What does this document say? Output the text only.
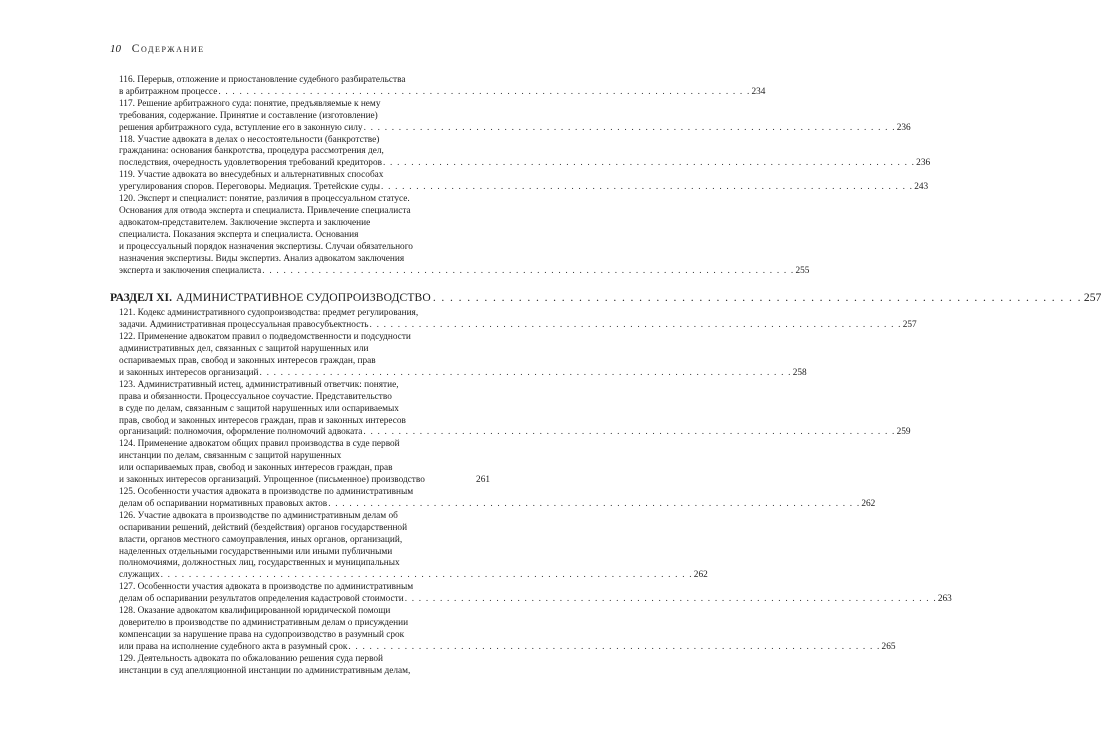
10 Содержание
116. Перерыв, отложение и приостановление судебного разбирательства
в арбитражном процессе . . . . . . . . . . . . . . . . . . . . . . . . . . . . . . . . . . . . . . . . . . . . . . . . . . . . . . . . . . . . . . . . . . . . . . . . . . . . 234
117. Решение арбитражного суда: понятие, предъявляемые к нему
требования, содержание. Принятие и составление (изготовление)
решения арбитражного суда, вступление его в законную силу . . . . . . . . . . . . . . . . . . . . . . . . . . . . . . . . . . . . . . . . . . . . . . . . . . . . . . . . . . . . . . . . . . . . . . . . . . . . 236
118. Участие адвоката в делах о несостоятельности (банкротстве)
гражданина: основания банкротства, процедура рассмотрения дел,
последствия, очередность удовлетворения требований кредиторов . . . . . . . . . . . . . . . . . . . . . . . . . . . . . . . . . . . . . . . . . . . . . . . . . . . . . . . . . . . . . . . . . . . . . . . . . . . . 236
119. Участие адвоката во внесудебных и альтернативных способах
урегулирования споров. Переговоры. Медиация. Третейские суды . . . . . . . . . . . . . . . . . . . . . . . . . . . . . . . . . . . . . . . . . . . . . . . . . . . . . . . . . . . . . . . . . . . . . . . . . . . . 243
120. Эксперт и специалист: понятие, различия в процессуальном статусе.
Основания для отвода эксперта и специалиста. Привлечение специалиста
адвокатом-представителем. Заключение эксперта и заключение
специалиста. Показания эксперта и специалиста. Основания
и процессуальный порядок назначения экспертизы. Случаи обязательного
назначения экспертизы. Виды экспертиз. Анализ адвокатом заключения
эксперта и заключения специалиста . . . . . . . . . . . . . . . . . . . . . . . . . . . . . . . . . . . . . . . . . . . . . . . . . . . . . . . . . . . . . . . . . . . . . . . . . . . . 255
РАЗДЕЛ XI. АДМИНИСТРАТИВНОЕ СУДОПРОИЗВОДСТВО . . . . . . . . . . . . . . . . . . . . . . . . . . . . . . . . . . . . . . . . . . . . . . . . . . . . . . . . . . . . . . . . . . . . . . . . . . . . 257
121. Кодекс административного судопроизводства: предмет регулирования,
задачи. Административная процессуальная правосубъектность . . . . . . . . . . . . . . . . . . . . . . . . . . . . . . . . . . . . . . . . . . . . . . . . . . . . . . . . . . . . . . . . . . . . . . . . . . . . 257
122. Применение адвокатом правил о подведомственности и подсудности
административных дел, связанных с защитой нарушенных или
оспариваемых прав, свобод и законных интересов граждан, прав
и законных интересов организаций . . . . . . . . . . . . . . . . . . . . . . . . . . . . . . . . . . . . . . . . . . . . . . . . . . . . . . . . . . . . . . . . . . . . . . . . . . . . 258
123. Административный истец, административный ответчик: понятие,
права и обязанности. Процессуальное соучастие. Представительство
в суде по делам, связанным с защитой нарушенных или оспариваемых
прав, свобод и законных интересов граждан, прав и законных интересов
организаций: полномочия, оформление полномочий адвоката . . . . . . . . . . . . . . . . . . . . . . . . . . . . . . . . . . . . . . . . . . . . . . . . . . . . . . . . . . . . . . . . . . . . . . . . . . . . 259
124. Применение адвокатом общих правил производства в суде первой
инстанции по делам, связанным с защитой нарушенных
или оспариваемых прав, свобод и законных интересов граждан, прав
и законных интересов организаций. Упрощенное (письменное) производство	261
125. Особенности участия адвоката в производстве по административным
делам об оспаривании нормативных правовых актов . . . . . . . . . . . . . . . . . . . . . . . . . . . . . . . . . . . . . . . . . . . . . . . . . . . . . . . . . . . . . . . . . . . . . . . . . . . . 262
126. Участие адвоката в производстве по административным делам об
оспаривании решений, действий (бездействия) органов государственной
власти, органов местного самоуправления, иных органов, организаций,
наделенных отдельными государственными или иными публичными
полномочиями, должностных лиц, государственных и муниципальных
служащих . . . . . . . . . . . . . . . . . . . . . . . . . . . . . . . . . . . . . . . . . . . . . . . . . . . . . . . . . . . . . . . . . . . . . . . . . . . . 262
127. Особенности участия адвоката в производстве по административным
делам об оспаривании результатов определения кадастровой стоимости . . . . . . . . . . . . . . . . . . . . . . . . . . . . . . . . . . . . . . . . . . . . . . . . . . . . . . . . . . . . . . . . . . . . . . . . . . . . 263
128. Оказание адвокатом квалифицированной юридической помощи
доверителю в производстве по административным делам о присуждении
компенсации за нарушение права на судопроизводство в разумный срок
или права на исполнение судебного акта в разумный срок . . . . . . . . . . . . . . . . . . . . . . . . . . . . . . . . . . . . . . . . . . . . . . . . . . . . . . . . . . . . . . . . . . . . . . . . . . . . 265
129. Деятельность адвоката по обжалованию решения суда первой
инстанции в суд апелляционной инстанции по административным делам,
